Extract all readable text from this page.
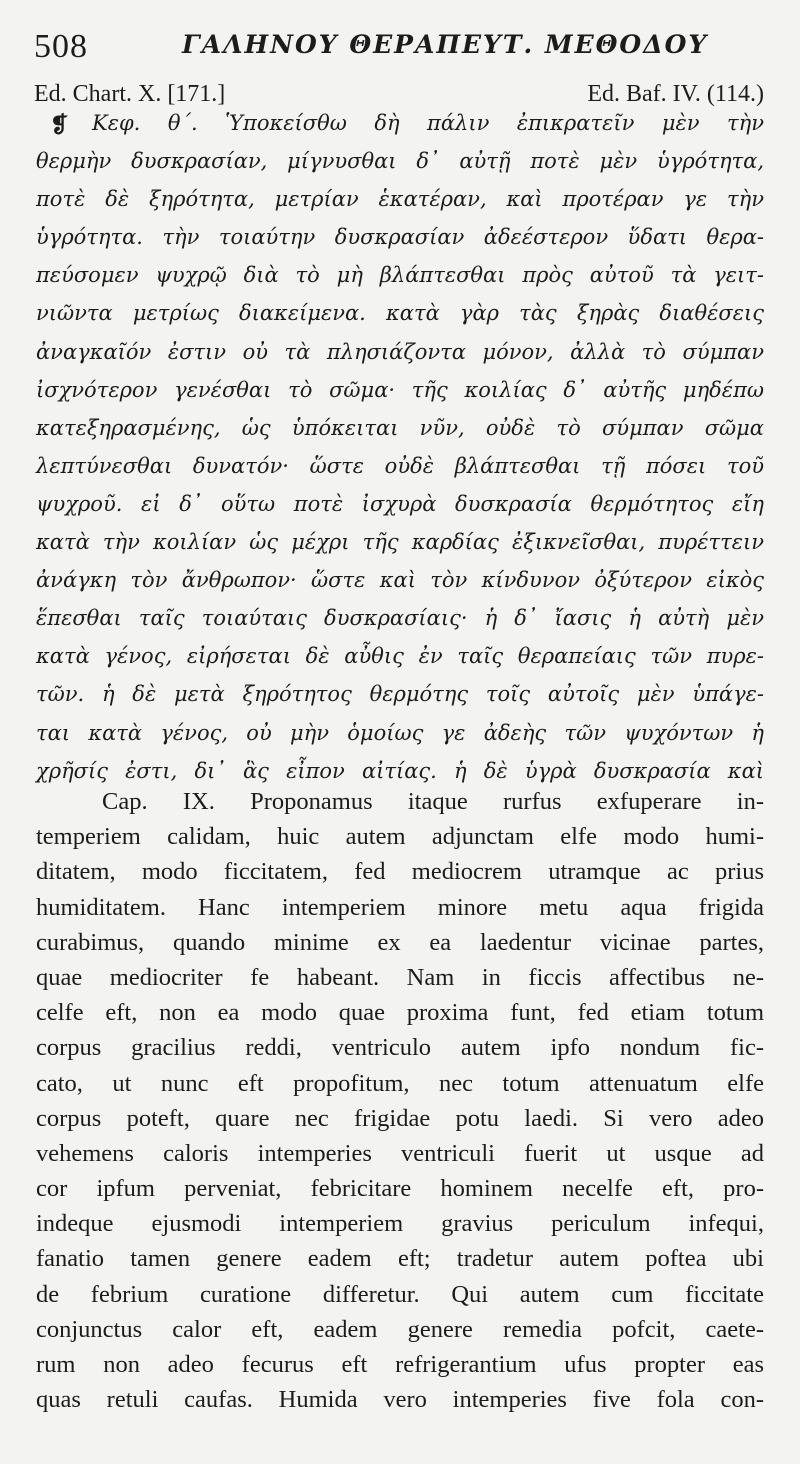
508	ΓΑΛΗΝΟΥ ΘΕΡΑΠΕΥΤ. ΜΕΘΟΔΟΥ
Ed. Chart. X. [171.]	Ed. Baf. IV. (114.)
❡	Κεφ. θ΄. Ὑποκείσθω δὴ πάλιν ἐπικρατεῖν μὲν τὴν
θερμὴν δυσκρασίαν, μίγνυσθαι δ᾿ αὐτῇ ποτὲ μὲν ὑγρότητα,
ποτὲ δὲ ξηρότητα, μετρίαν ἑκατέραν, καὶ προτέραν γε τὴν
ὑγρότητα. τὴν τοιαύτην δυσκρασίαν ἀδεέστερον ὕδατι θερα-
πεύσομεν ψυχρῷ διὰ τὸ μὴ βλάπτεσθαι πρὸς αὐτοῦ τὰ γειτ-
νιῶντα μετρίως διακείμενα. κατὰ γὰρ τὰς ξηρὰς διαθέσεις
ἀναγκαῖόν ἐστιν οὐ τὰ πλησιάζοντα μόνον, ἀλλὰ τὸ σύμπαν
ἰσχνότερον γενέσθαι τὸ σῶμα· τῆς κοιλίας δ᾿ αὐτῆς μηδέπω
κατεξηρασμένης, ὡς ὑπόκειται νῦν, οὐδὲ τὸ σύμπαν σῶμα
λεπτύνεσθαι δυνατόν· ὥστε οὐδὲ βλάπτεσθαι τῇ πόσει τοῦ
ψυχροῦ. εἰ δ᾿ οὕτω ποτὲ ἰσχυρὰ δυσκρασία θερμότητος εἴη
κατὰ τὴν κοιλίαν ὡς μέχρι τῆς καρδίας ἐξικνεῖσθαι, πυρέττειν
ἀνάγκη τὸν ἄνθρωπον· ὥστε καὶ τὸν κίνδυνον ὀξύτερον εἰκὸς
ἕπεσθαι ταῖς τοιαύταις δυσκρασίαις· ἡ δ᾿ ἴασις ἡ αὐτὴ μὲν
κατὰ γένος, εἰρήσεται δὲ αὖθις ἐν ταῖς θεραπείαις τῶν πυρε-
τῶν. ἡ δὲ μετὰ ξηρότητος θερμότης τοῖς αὐτοῖς μὲν ὑπάγε-
ται κατὰ γένος, οὐ μὴν ὁμοίως γε ἀδεὴς τῶν ψυχόντων ἡ
χρῆσίς ἐστι, δι᾿ ἃς εἶπον αἰτίας. ἡ δὲ ὑγρὰ δυσκρασία καὶ
Cap. IX. Proponamus itaque rurfus exfuperare in-
temperiem calidam, huic autem adjunctam elfe modo humi-
ditatem, modo ficcitatem, fed mediocrem utramque ac prius
humiditatem. Hanc intemperiem minore metu aqua frigida
curabimus, quando minime ex ea laedentur vicinae partes,
quae mediocriter fe habeant. Nam in ficcis affectibus ne-
celfe eft, non ea modo quae proxima funt, fed etiam totum
corpus gracilius reddi, ventriculo autem ipfo nondum fic-
cato, ut nunc eft propofitum, nec totum attenuatum elfe
corpus poteft, quare nec frigidae potu laedi. Si vero adeo
vehemens caloris intemperies ventriculi fuerit ut usque ad
cor ipfum perveniat, febricitare hominem necelfe eft, pro-
indeque ejusmodi intemperiem gravius periculum infequi,
fanatio tamen genere eadem eft; tradetur autem poftea ubi
de febrium curatione differetur. Qui autem cum ficcitate
conjunctus calor eft, eadem genere remedia pofcit, caete-
rum non adeo fecurus eft refrigerantium ufus propter eas
quas retuli caufas. Humida vero intemperies five fola con-
